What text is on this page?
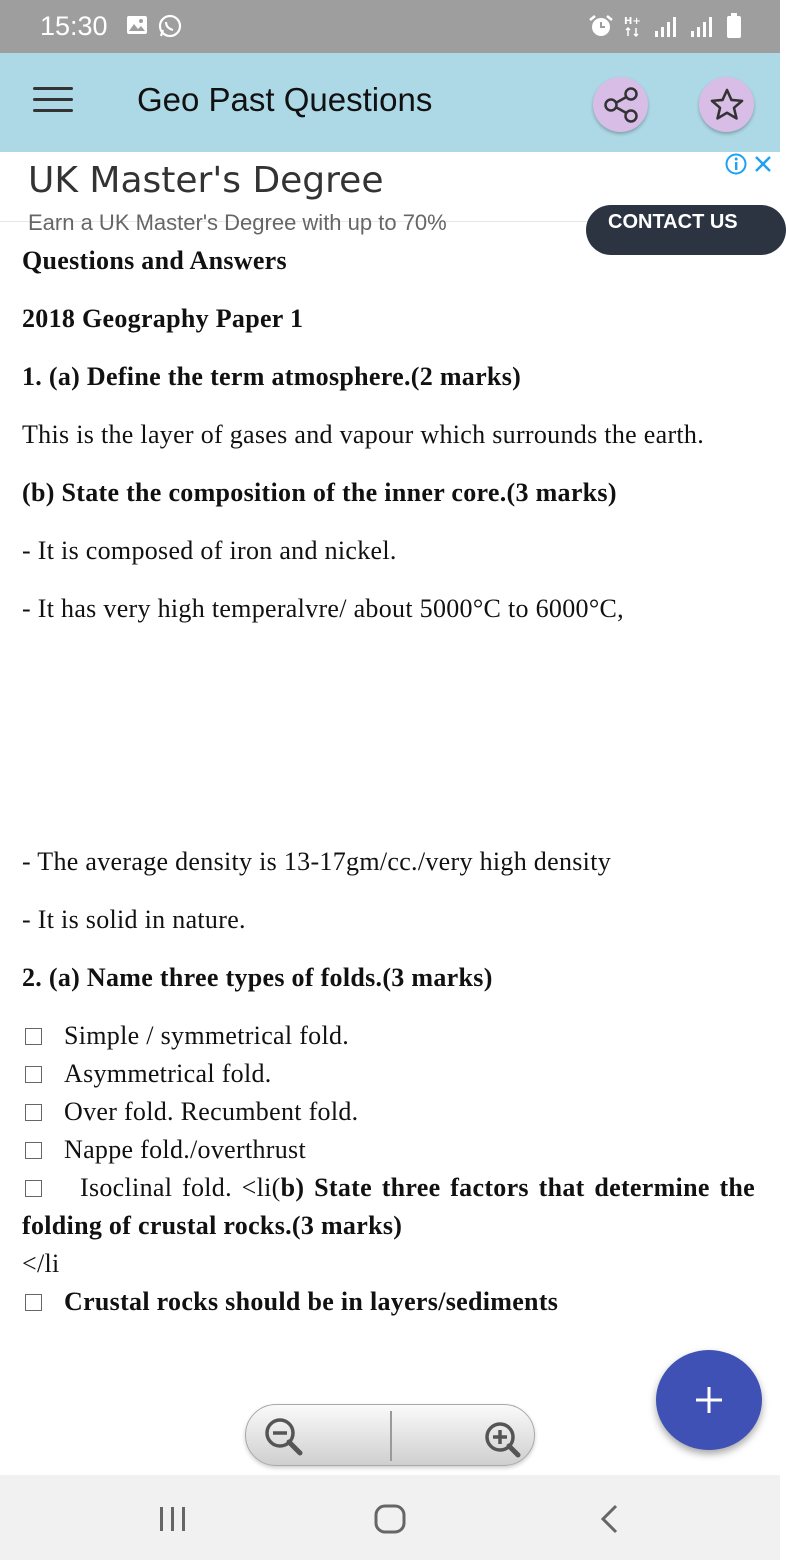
15:30	H+
Geo Past Questions
UK Master's Degree
Earn a UK Master's Degree with up to 70%	CONTACT US

Questions and Answers

2018 Geography Paper 1

1. (a) Define the term atmosphere.(2 marks)

This is the layer of gases and vapour which surrounds the earth.

(b) State the composition of the inner core.(3 marks)

- It is composed of iron and nickel.

- It has very high temperalvre/ about 5000°C to 6000°C,

- The average density is 13-17gm/cc./very high density

- It is solid in nature.

2. (a) Name three types of folds.(3 marks)

Simple / symmetrical fold.
Asymmetrical fold.
Over fold. Recumbent fold.
Nappe fold./overthrust
Isoclinal fold. <li(b) State three factors that determine the folding of crustal rocks.(3 marks)
</li
Crustal rocks should be in layers/sediments
